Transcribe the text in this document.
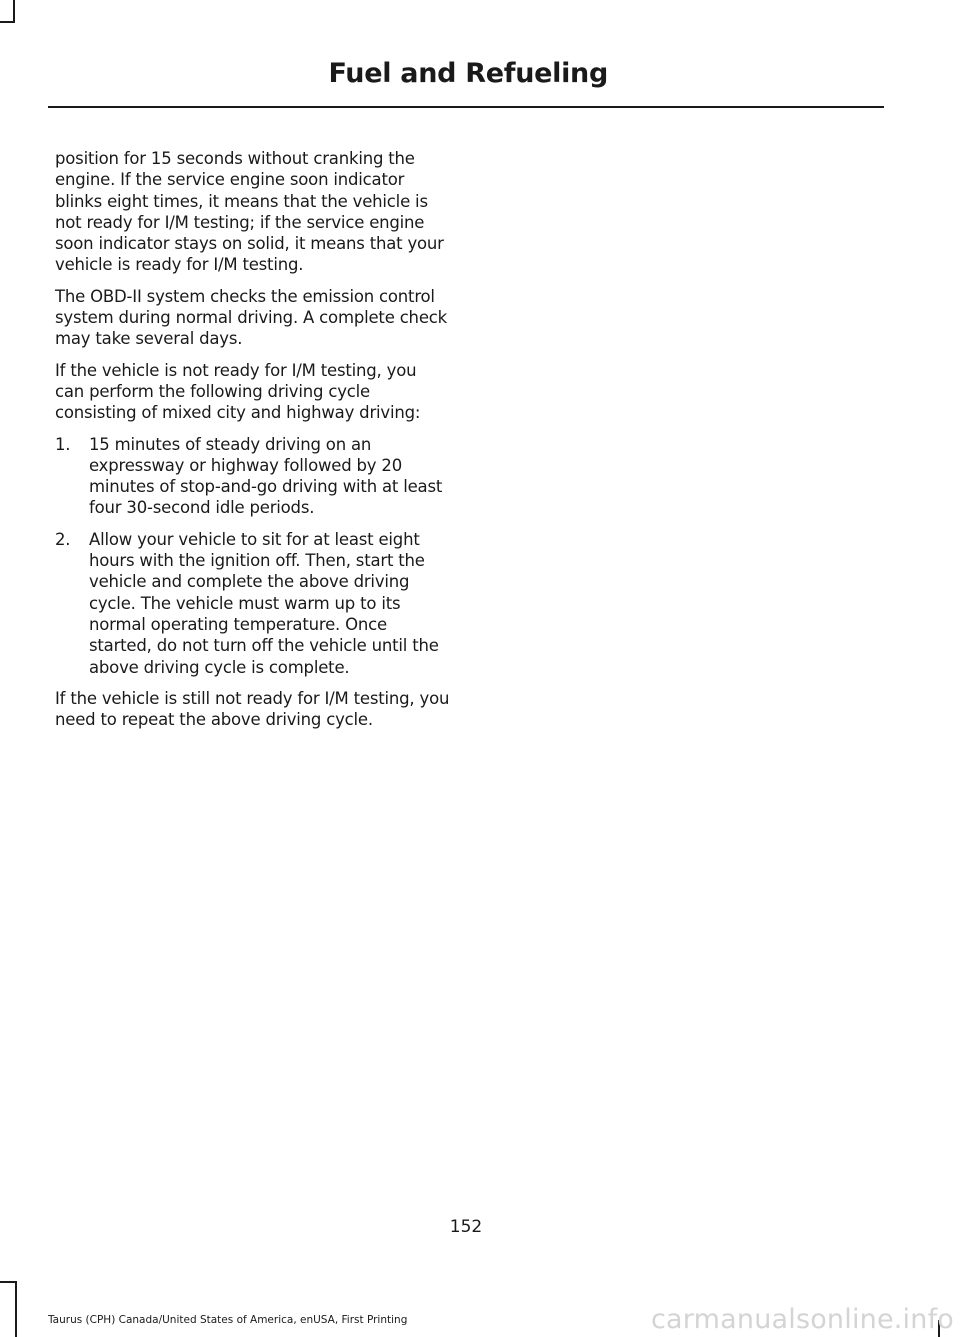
Fuel and Refueling

position for 15 seconds without cranking the engine. If the service engine soon indicator blinks eight times, it means that the vehicle is not ready for I/M testing; if the service engine soon indicator stays on solid, it means that your vehicle is ready for I/M testing.

The OBD-II system checks the emission control system during normal driving. A complete check may take several days.

If the vehicle is not ready for I/M testing, you can perform the following driving cycle consisting of mixed city and highway driving:

1. 15 minutes of steady driving on an expressway or highway followed by 20 minutes of stop-and-go driving with at least four 30-second idle periods.
2. Allow your vehicle to sit for at least eight hours with the ignition off. Then, start the vehicle and complete the above driving cycle. The vehicle must warm up to its normal operating temperature. Once started, do not turn off the vehicle until the above driving cycle is complete.

If the vehicle is still not ready for I/M testing, you need to repeat the above driving cycle.

152
Taurus (CPH) Canada/United States of America, enUSA, First Printing	carmanualsonline.info
